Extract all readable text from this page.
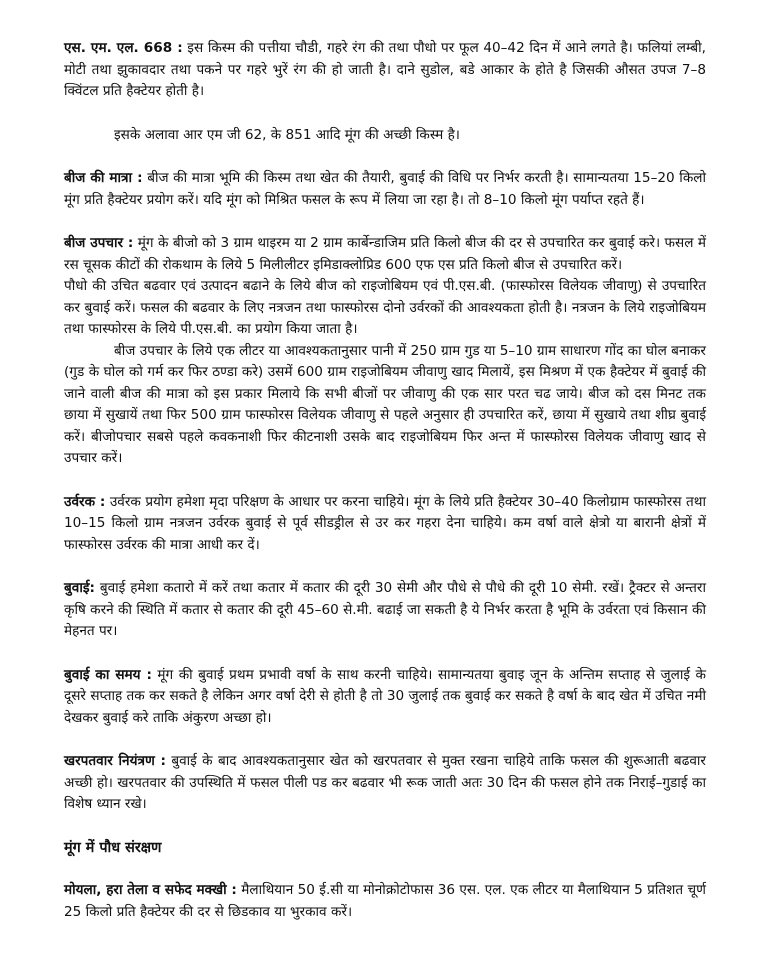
एस. एम. एल. 668 : इस किस्म की पत्तीया चौडी, गहरे रंग की तथा पौधो पर फूल 40–42 दिन में आने लगते है। फलियां लम्बी, मोटी तथा झुकावदार तथा पकने पर गहरे भुरें रंग की हो जाती है। दाने सुडोल, बडे आकार के होते है जिसकी औसत उपज 7–8 क्विंटल प्रति हैक्टेयर होती है।

इसके अलावा आर एम जी 62, के 851 आदि मूंग की अच्छी किस्म है।

बीज की मात्रा : बीज की मात्रा भूमि की किस्म तथा खेत की तैयारी, बुवाई की विधि पर निर्भर करती है। सामान्यतया 15–20 किलो मूंग प्रति हैक्टेयर प्रयोग करें। यदि मूंग को मिश्रित फसल के रूप में लिया जा रहा है। तो 8–10 किलो मूंग पर्याप्त रहते हैं।

बीज उपचार : मूंग के बीजो को 3 ग्राम थाइरम या 2 ग्राम कार्बेन्डाजिम प्रति किलो बीज की दर से उपचारित कर बुवाई करे। फसल में रस चूसक कीटों की रोकथाम के लिये 5 मिलीलीटर इमिडाक्लोप्रिड 600 एफ एस प्रति किलो बीज से उपचारित करें।

पौधो की उचित बढवार एवं उत्पादन बढाने के लिये बीज को राइजोबियम एवं पी.एस.बी. (फास्फोरस विलेयक जीवाणु) से उपचारित कर बुवाई करें। फसल की बढवार के लिए नत्रजन तथा फास्फोरस दोनो उर्वरकों की आवश्यकता होती है। नत्रजन के लिये राइजोबियम तथा फास्फोरस के लिये पी.एस.बी. का प्रयोग किया जाता है।

बीज उपचार के लिये एक लीटर या आवश्यकतानुसार पानी में 250 ग्राम गुड या 5–10 ग्राम साधारण गोंद का घोल बनाकर (गुड के घोल को गर्म कर फिर ठण्डा करे) उसमें 600 ग्राम राइजोबियम जीवाणु खाद मिलायें, इस मिश्रण में एक हैक्टेयर में बुवाई की जाने वाली बीज की मात्रा को इस प्रकार मिलाये कि सभी बीजों पर जीवाणु की एक सार परत चढ जाये। बीज को दस मिनट तक छाया में सुखायें तथा फिर 500 ग्राम फास्फोरस विलेयक जीवाणु से पहले अनुसार ही उपचारित करें, छाया में सुखाये तथा शीघ्र बुवाई करें। बीजोपचार सबसे पहले कवकनाशी फिर कीटनाशी उसके बाद राइजोबियम फिर अन्त में फास्फोरस विलेयक जीवाणु खाद से उपचार करें।

उर्वरक : उर्वरक प्रयोग हमेशा मृदा परिक्षण के आधार पर करना चाहिये। मूंग के लिये प्रति हैक्टेयर 30–40 किलोग्राम फास्फोरस तथा 10–15 किलो ग्राम नत्रजन उर्वरक बुवाई से पूर्व सीडड्रील से उर कर गहरा देना चाहिये। कम वर्षा वाले क्षेत्रो या बारानी क्षेत्रों में फास्फोरस उर्वरक की मात्रा आधी कर दें।

बुवाई: बुवाई हमेशा कतारो में करें तथा कतार में कतार की दूरी 30 सेमी और पौधे से पौधे की दूरी 10 सेमी. रखें। ट्रैक्टर से अन्तरा कृषि करने की स्थिति में कतार से कतार की दूरी 45–60 से.मी. बढाई जा सकती है ये निर्भर करता है भूमि के उर्वरता एवं किसान की मेहनत पर।

बुवाई का समय : मूंग की बुवाई प्रथम प्रभावी वर्षा के साथ करनी चाहिये। सामान्यतया बुवाइ जून के अन्तिम सप्ताह से जुलाई के दूसरे सप्ताह तक कर सकते है लेकिन अगर वर्षा देरी से होती है तो 30 जुलाई तक बुवाई कर सकते है वर्षा के बाद खेत में उचित नमी देखकर बुवाई करे ताकि अंकुरण अच्छा हो।

खरपतवार नियंत्रण : बुवाई के बाद आवश्यकतानुसार खेत को खरपतवार से मुक्त रखना चाहिये ताकि फसल की शुरूआती बढवार अच्छी हो। खरपतवार की उपस्थिति में फसल पीली पड कर बढवार भी रूक जाती अतः 30 दिन की फसल होने तक निराई–गुडाई का विशेष ध्यान रखे।

मूंग में पौध संरक्षण

मोयला, हरा तेला व सफेद मक्खी : मैलाथियान 50 ई.सी या मोनोक्रोटोफास 36 एस. एल. एक लीटर या मैलाथियान 5 प्रतिशत चूर्ण 25 किलो प्रति हैक्टेयर की दर से छिडकाव या भुरकाव करें।
